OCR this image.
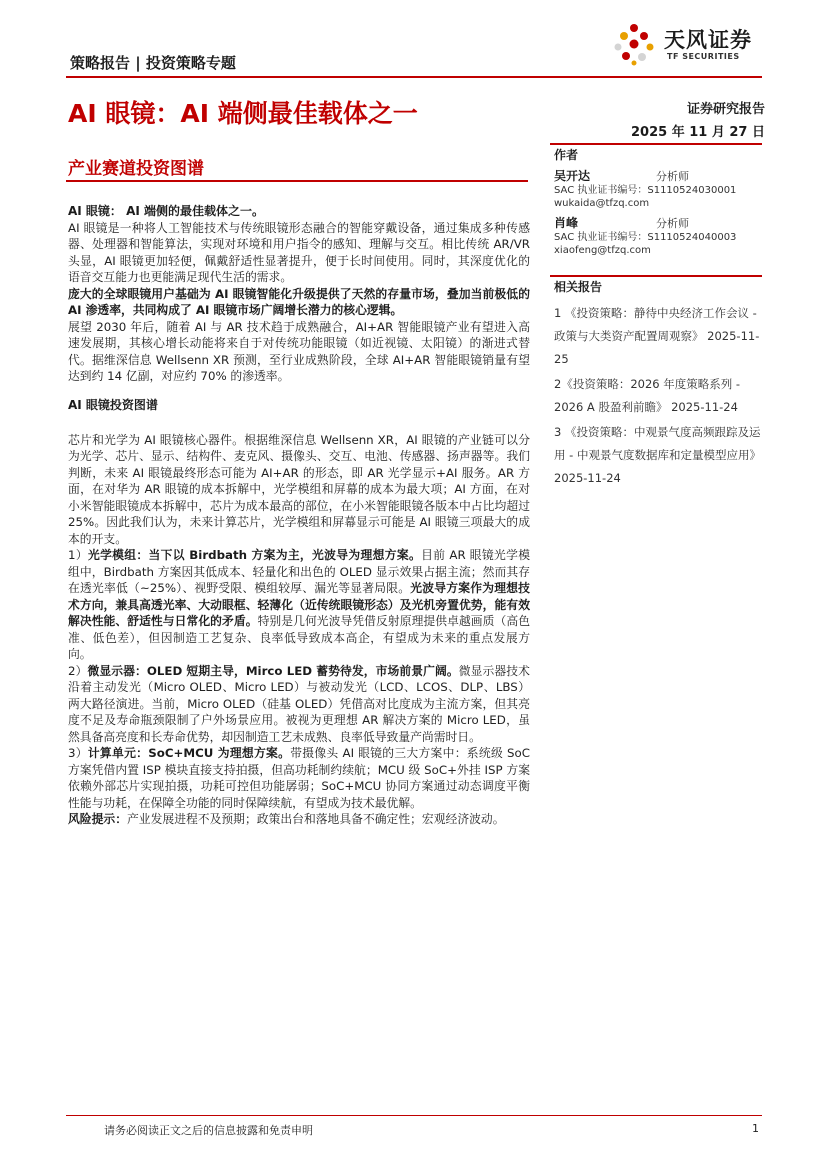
策略报告 | 投资策略专题
天风证券
TF SECURITIES
AI 眼镜：AI 端侧最佳载体之一	证券研究报告
2025 年 11 月 27 日
产业赛道投资图谱
作者
吴开达	分析师
SAC 执业证书编号：S1110524030001
wukaida@tfzq.com
肖峰	分析师
SAC 执业证书编号：S1110524040003
xiaofeng@tfzq.com
相关报告
1 《投资策略：静待中央经济工作会议 - 政策与大类资产配置周观察》 2025-11-25
2《投资策略：2026 年度策略系列 - 2026 A 股盈利前瞻》 2025-11-24
3 《投资策略：中观景气度高频跟踪及运用 - 中观景气度数据库和定量模型应用》 2025-11-24

AI 眼镜： AI 端侧的最佳载体之一。

AI 眼镜是一种将人工智能技术与传统眼镜形态融合的智能穿戴设备，通过集成多种传感器、处理器和智能算法，实现对环境和用户指令的感知、理解与交互。相比传统 AR/VR 头显，AI 眼镜更加轻便，佩戴舒适性显著提升，便于长时间使用。同时，其深度优化的语音交互能力也更能满足现代生活的需求。

庞大的全球眼镜用户基础为 AI 眼镜智能化升级提供了天然的存量市场，叠加当前极低的 AI 渗透率，共同构成了 AI 眼镜市场广阔增长潜力的核心逻辑。

展望 2030 年后，随着 AI 与 AR 技术趋于成熟融合，AI+AR 智能眼镜产业有望进入高速发展期，其核心增长动能将来自于对传统功能眼镜（如近视镜、太阳镜）的渐进式替代。据维深信息 Wellsenn XR 预测，至行业成熟阶段，全球 AI+AR 智能眼镜销量有望达到约 14 亿副，对应约 70% 的渗透率。

AI 眼镜投资图谱

芯片和光学为 AI 眼镜核心器件。根据维深信息 Wellsenn XR，AI 眼镜的产业链可以分为光学、芯片、显示、结构件、麦克风、摄像头、交互、电池、传感器、扬声器等。我们判断，未来 AI 眼镜最终形态可能为 AI+AR 的形态，即 AR 光学显示+AI 服务。AR 方面，在对华为 AR 眼镜的成本拆解中，光学模组和屏幕的成本为最大项；AI 方面，在对小米智能眼镜成本拆解中，芯片为成本最高的部位，在小米智能眼镜各版本中占比均超过 25%。因此我们认为，未来计算芯片，光学模组和屏幕显示可能是 AI 眼镜三项最大的成本的开支。

1）光学模组：当下以 Birdbath 方案为主，光波导为理想方案。目前 AR 眼镜光学模组中，Birdbath 方案因其低成本、轻量化和出色的 OLED 显示效果占据主流；然而其存在透光率低（~25%）、视野受限、模组较厚、漏光等显著局限。光波导方案作为理想技术方向，兼具高透光率、大动眼框、轻薄化（近传统眼镜形态）及光机旁置优势，能有效解决性能、舒适性与日常化的矛盾。特别是几何光波导凭借反射原理提供卓越画质（高色准、低色差），但因制造工艺复杂、良率低导致成本高企，有望成为未来的重点发展方向。

2）微显示器：OLED 短期主导，Mirco LED 蓄势待发，市场前景广阔。微显示器技术沿着主动发光（Micro OLED、Micro LED）与被动发光（LCD、LCOS、DLP、LBS）两大路径演进。当前，Micro OLED（硅基 OLED）凭借高对比度成为主流方案，但其亮度不足及寿命瓶颈限制了户外场景应用。被视为更理想 AR 解决方案的 Micro LED，虽然具备高亮度和长寿命优势，却因制造工艺未成熟、良率低导致量产尚需时日。

3）计算单元：SoC+MCU 为理想方案。带摄像头 AI 眼镜的三大方案中：系统级 SoC 方案凭借内置 ISP 模块直接支持拍摄，但高功耗制约续航；MCU 级 SoC+外挂 ISP 方案依赖外部芯片实现拍摄，功耗可控但功能孱弱；SoC+MCU 协同方案通过动态调度平衡性能与功耗，在保障全功能的同时保障续航，有望成为技术最优解。

风险提示：产业发展进程不及预期；政策出台和落地具备不确定性；宏观经济波动。

请务必阅读正文之后的信息披露和免责申明	1
